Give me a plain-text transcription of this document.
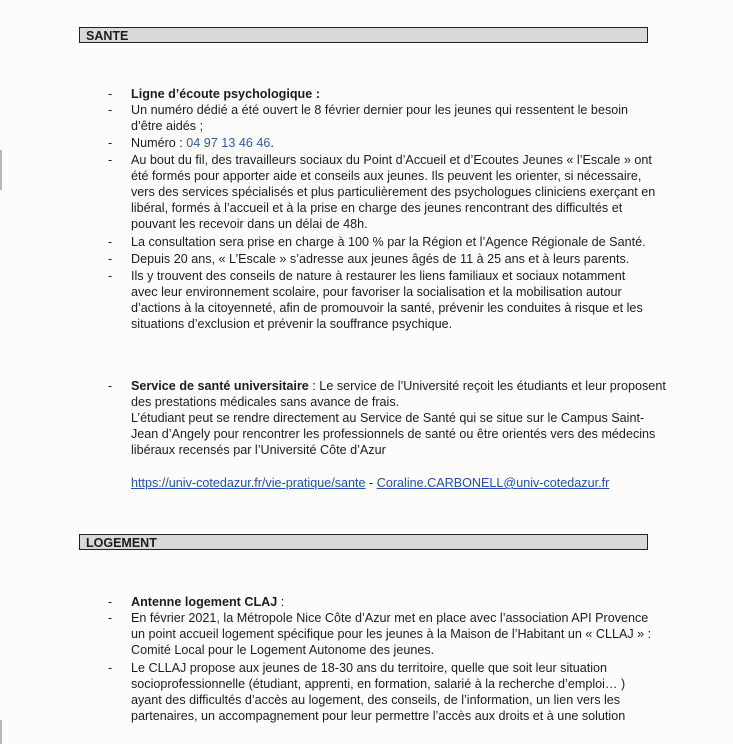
SANTE
- Ligne d’écoute psychologique :
- Un numéro dédié a été ouvert le 8 février dernier pour les jeunes qui ressentent le besoin
d’être aidés ;
- Numéro : 04 97 13 46 46.
- Au bout du fil, des travailleurs sociaux du Point d’Accueil et d’Ecoutes Jeunes « l’Escale » ont
été formés pour apporter aide et conseils aux jeunes. Ils peuvent les orienter, si nécessaire,
vers des services spécialisés et plus particulièrement des psychologues cliniciens exerçant en
libéral, formés à l’accueil et à la prise en charge des jeunes rencontrant des difficultés et
pouvant les recevoir dans un délai de 48h.
- La consultation sera prise en charge à 100 % par la Région et l’Agence Régionale de Santé.
- Depuis 20 ans, « L’Escale » s’adresse aux jeunes âgés de 11 à 25 ans et à leurs parents.
- Ils y trouvent des conseils de nature à restaurer les liens familiaux et sociaux notamment
avec leur environnement scolaire, pour favoriser la socialisation et la mobilisation autour
d’actions à la citoyenneté, afin de promouvoir la santé, prévenir les conduites à risque et les
situations d’exclusion et prévenir la souffrance psychique.
- Service de santé universitaire : Le service de l’Université reçoit les étudiants et leur proposent
des prestations médicales sans avance de frais.
L’étudiant peut se rendre directement au Service de Santé qui se situe sur le Campus Saint-
Jean d’Angely pour rencontrer les professionnels de santé ou être orientés vers des médecins
libéraux recensés par l’Université Côte d’Azur
https://univ-cotedazur.fr/vie-pratique/sante - Coraline.CARBONELL@univ-cotedazur.fr
LOGEMENT
- Antenne logement CLAJ :
- En février 2021, la Métropole Nice Côte d’Azur met en place avec l’association API Provence
un point accueil logement spécifique pour les jeunes à la Maison de l’Habitant un « CLLAJ » :
Comité Local pour le Logement Autonome des jeunes.
- Le CLLAJ propose aux jeunes de 18-30 ans du territoire, quelle que soit leur situation
socioprofessionnelle (étudiant, apprenti, en formation, salarié à la recherche d’emploi… )
ayant des difficultés d’accès au logement, des conseils, de l’information, un lien vers les
partenaires, un accompagnement pour leur permettre l’accès aux droits et à une solution
